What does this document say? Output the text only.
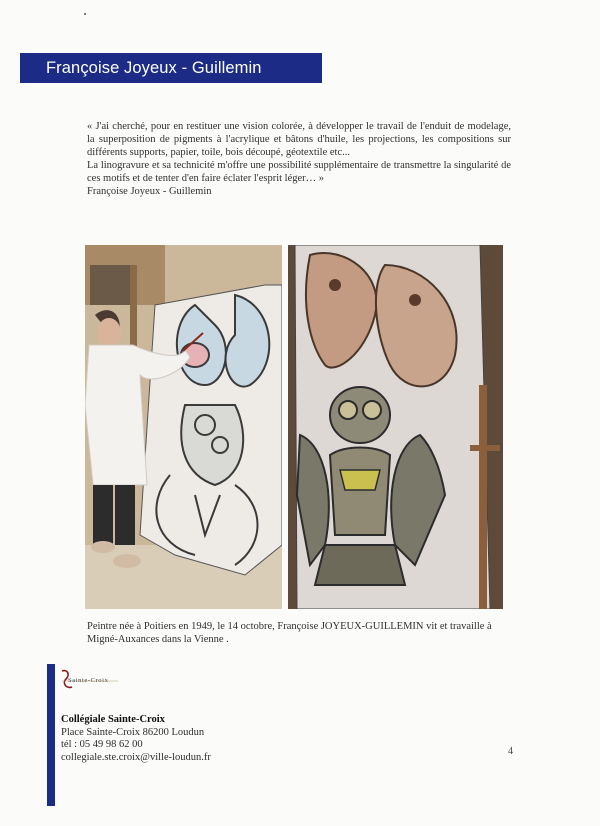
Françoise Joyeux - Guillemin

« J'ai cherché, pour en restituer une vision colorée, à développer le travail de l'enduit de modelage, la superposition de pigments à l'acrylique et bâtons d'huile, les projections, les compositions sur différents supports, papier, toile, bois découpé, géotextile etc...

La linogravure et sa technicité m'offre une possibilité supplémentaire de transmettre la singularité de ces motifs et de tenter d'en faire éclater l'esprit léger… »

Françoise Joyeux - Guillemin

Peintre née à Poitiers en 1949, le 14 octobre, Françoise JOYEUX-GUILLEMIN vit et travaille à

Migné-Auxances dans la Vienne .

Sainte-Croix
Collégiale Sainte-Croix
Place Sainte-Croix 86200 Loudun
tél : 05 49 98 62 00
collegiale.ste.croix@ville-loudun.fr	4
